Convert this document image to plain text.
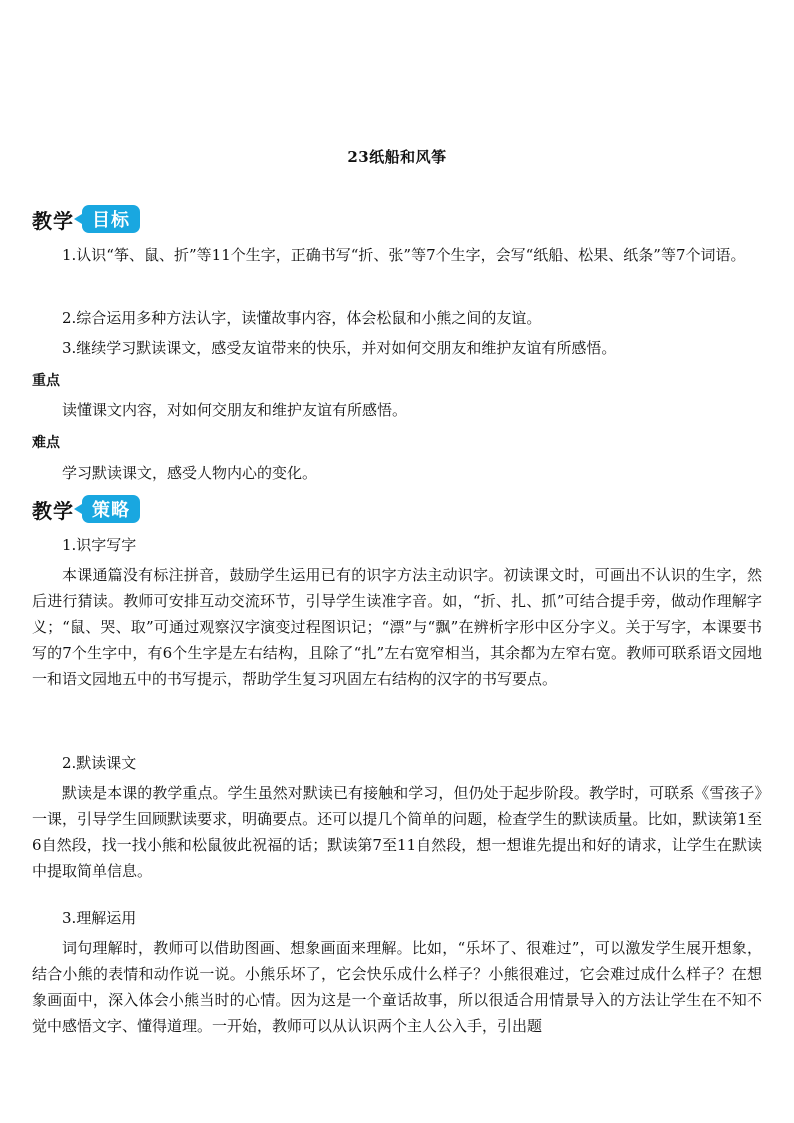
23纸船和风筝
教学	目标
1.认识“筝、鼠、折”等11个生字，正确书写“折、张”等7个生字，会写“纸船、松果、纸条”等7个词语。
2.综合运用多种方法认字，读懂故事内容，体会松鼠和小熊之间的友谊。
3.继续学习默读课文，感受友谊带来的快乐，并对如何交朋友和维护友谊有所感悟。
重点
读懂课文内容，对如何交朋友和维护友谊有所感悟。
难点
学习默读课文，感受人物内心的变化。
教学	策略
1.识字写字
本课通篇没有标注拼音，鼓励学生运用已有的识字方法主动识字。初读课文时，可画出不认识的生字，然后进行猜读。教师可安排互动交流环节，引导学生读准字音。如，“折、扎、抓”可结合提手旁，做动作理解字义；“鼠、哭、取”可通过观察汉字演变过程图识记；“漂”与“飘”在辨析字形中区分字义。关于写字，本课要书写的7个生字中，有6个生字是左右结构，且除了“扎”左右宽窄相当，其余都为左窄右宽。教师可联系语文园地一和语文园地五中的书写提示，帮助学生复习巩固左右结构的汉字的书写要点。
2.默读课文
默读是本课的教学重点。学生虽然对默读已有接触和学习，但仍处于起步阶段。教学时，可联系《雪孩子》一课，引导学生回顾默读要求，明确要点。还可以提几个简单的问题，检查学生的默读质量。比如，默读第1至6自然段，找一找小熊和松鼠彼此祝福的话；默读第7至11自然段，想一想谁先提出和好的请求，让学生在默读中提取简单信息。
3.理解运用
词句理解时，教师可以借助图画、想象画面来理解。比如，“乐坏了、很难过”，可以激发学生展开想象，结合小熊的表情和动作说一说。小熊乐坏了，它会快乐成什么样子？小熊很难过，它会难过成什么样子？在想象画面中，深入体会小熊当时的心情。因为这是一个童话故事，所以很适合用情景导入的方法让学生在不知不觉中感悟文字、懂得道理。一开始，教师可以从认识两个主人公入手，引出题
